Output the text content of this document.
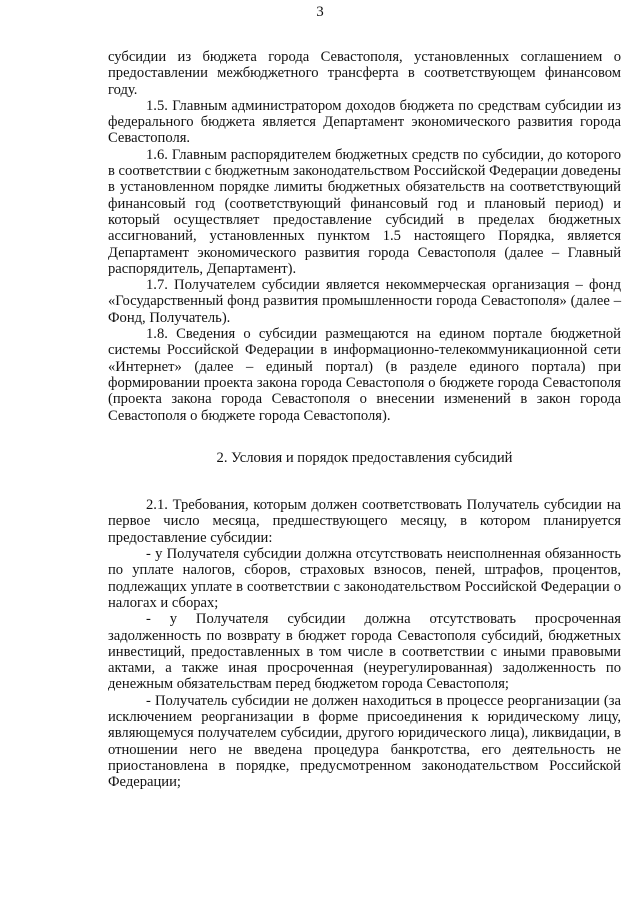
3

субсидии из бюджета города Севастополя, установленных соглашением о предоставлении межбюджетного трансферта в соответствующем финансовом году.

1.5. Главным администратором доходов бюджета по средствам субсидии из федерального бюджета является Департамент экономического развития города Севастополя.

1.6. Главным распорядителем бюджетных средств по субсидии, до которого в соответствии с бюджетным законодательством Российской Федерации доведены в установленном порядке лимиты бюджетных обязательств на соответствующий финансовый год (соответствующий финансовый год и плановый период) и который осуществляет предоставление субсидий в пределах бюджетных ассигнований, установленных пунктом 1.5 настоящего Порядка, является Департамент экономического развития города Севастополя (далее – Главный распорядитель, Департамент).

1.7. Получателем субсидии является некоммерческая организация – фонд «Государственный фонд развития промышленности города Севастополя» (далее – Фонд, Получатель).

1.8. Сведения о субсидии размещаются на едином портале бюджетной системы Российской Федерации в информационно-телекоммуникационной сети «Интернет» (далее – единый портал) (в разделе единого портала) при формировании проекта закона города Севастополя о бюджете города Севастополя (проекта закона города Севастополя о внесении изменений в закон города Севастополя о бюджете города Севастополя).

2. Условия и порядок предоставления субсидий

2.1. Требования, которым должен соответствовать Получатель субсидии на первое число месяца, предшествующего месяцу, в котором планируется предоставление субсидии:

- у Получателя субсидии должна отсутствовать неисполненная обязанность по уплате налогов, сборов, страховых взносов, пеней, штрафов, процентов, подлежащих уплате в соответствии с законодательством Российской Федерации о налогах и сборах;

- у Получателя субсидии должна отсутствовать просроченная задолженность по возврату в бюджет города Севастополя субсидий, бюджетных инвестиций, предоставленных в том числе в соответствии с иными правовыми актами, а также иная просроченная (неурегулированная) задолженность по денежным обязательствам перед бюджетом города Севастополя;

- Получатель субсидии не должен находиться в процессе реорганизации (за исключением реорганизации в форме присоединения к юридическому лицу, являющемуся получателем субсидии, другого юридического лица), ликвидации, в отношении него не введена процедура банкротства, его деятельность не приостановлена в порядке, предусмотренном законодательством Российской Федерации;
